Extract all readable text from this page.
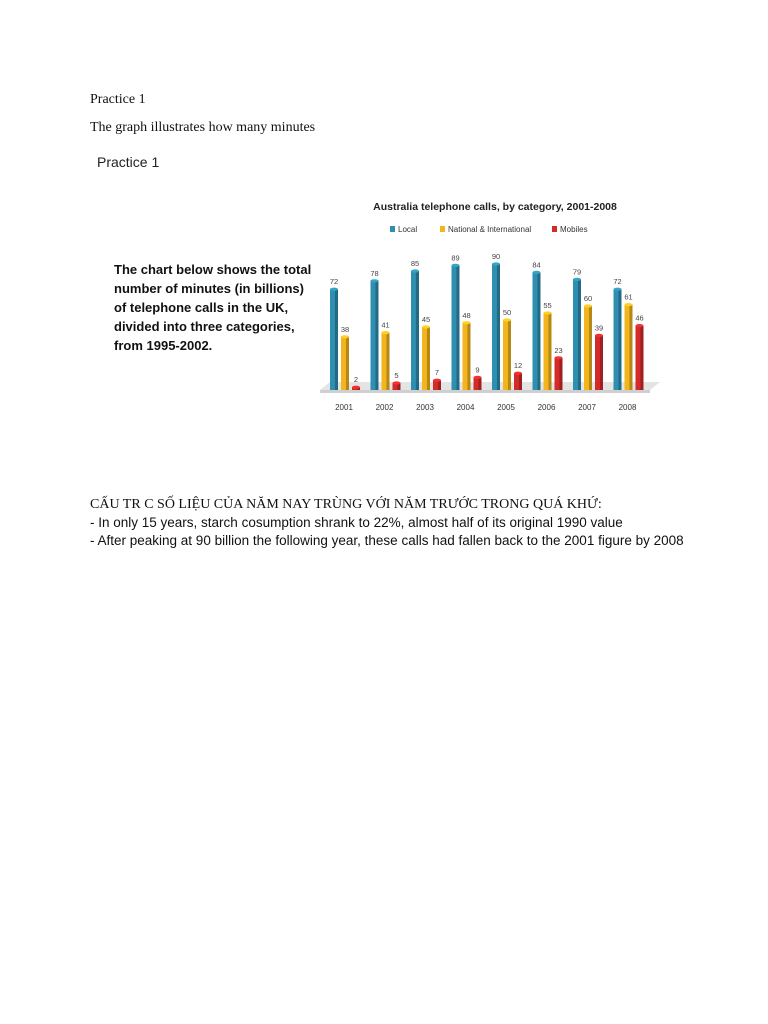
Practice 1
The graph illustrates how many minutes
Practice 1
The chart below shows the total number of minutes (in billions) of telephone calls in the UK, divided into three categories, from 1995-2002.
Australia telephone calls, by category, 2001-2008
Local	National & International	Mobiles
72
38
2
2001
78
41
5
2002
85
45
7
2003
89
48
9
2004
90
50
12
2005
84
55
23
2006
79
60
39
2007
72
61
46
2008
CẤU TR C SỐ LIỆU CỦA NĂM NAY TRÙNG VỚI NĂM TRƯỚC TRONG QUÁ KHỨ:
- In only 15 years, starch cosumption shrank to 22%, almost half of its original 1990 value
- After peaking at 90 billion the following year, these calls had fallen back to the 2001 figure by 2008
